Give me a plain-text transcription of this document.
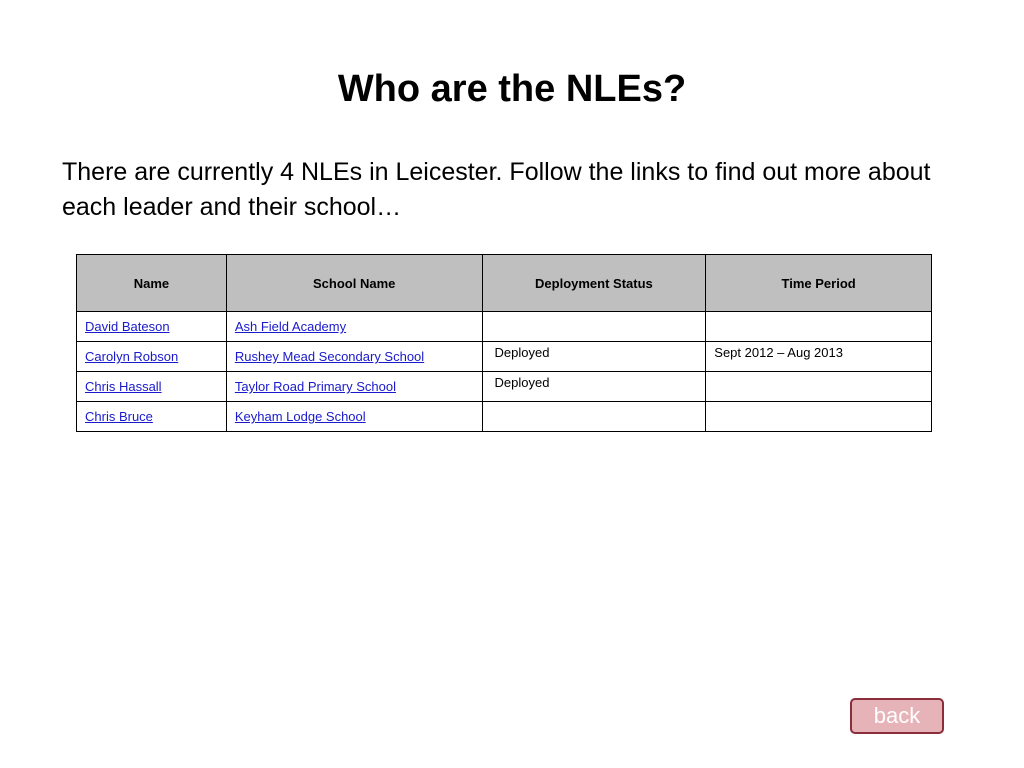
Who are the NLEs?
There are currently 4 NLEs in Leicester. Follow the links to find out more about each leader and their school…
Name	School Name	Deployment Status	Time Period
David Bateson	Ash Field Academy		
Carolyn Robson	Rushey Mead Secondary School	Deployed	Sept 2012 – Aug 2013
Chris Hassall	Taylor Road Primary School	Deployed	
Chris Bruce	Keyham Lodge School		
back
